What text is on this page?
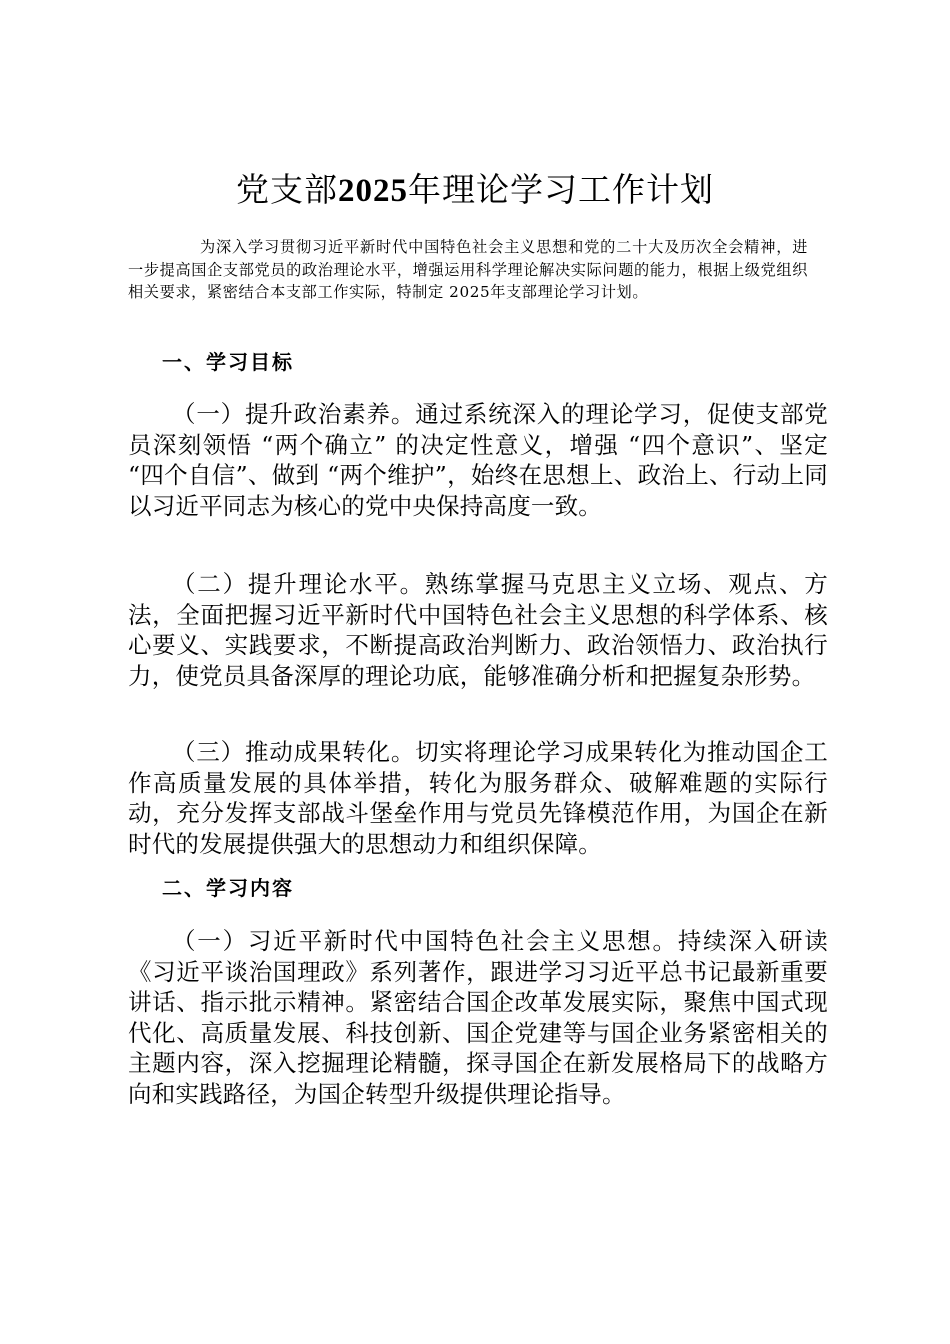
党支部2025年理论学习工作计划

为深入学习贯彻习近平新时代中国特色社会主义思想和党的二十大及历次全会精神，进一步提高国企支部党员的政治理论水平，增强运用科学理论解决实际问题的能力，根据上级党组织相关要求，紧密结合本支部工作实际，特制定 2025年支部理论学习计划。

一、学习目标

（一）提升政治素养。通过系统深入的理论学习，促使支部党员深刻领悟 “两个确立” 的决定性意义，增强 “四个意识”、坚定 “四个自信”、做到 “两个维护”，始终在思想上、政治上、行动上同以习近平同志为核心的党中央保持高度一致。

（二）提升理论水平。熟练掌握马克思主义立场、观点、方法，全面把握习近平新时代中国特色社会主义思想的科学体系、核心要义、实践要求，不断提高政治判断力、政治领悟力、政治执行力，使党员具备深厚的理论功底，能够准确分析和把握复杂形势。

（三）推动成果转化。切实将理论学习成果转化为推动国企工作高质量发展的具体举措，转化为服务群众、破解难题的实际行动，充分发挥支部战斗堡垒作用与党员先锋模范作用，为国企在新时代的发展提供强大的思想动力和组织保障。

二、学习内容

（一）习近平新时代中国特色社会主义思想。持续深入研读《习近平谈治国理政》系列著作，跟进学习习近平总书记最新重要讲话、指示批示精神。紧密结合国企改革发展实际，聚焦中国式现代化、高质量发展、科技创新、国企党建等与国企业务紧密相关的主题内容，深入挖掘理论精髓，探寻国企在新发展格局下的战略方向和实践路径，为国企转型升级提供理论指导。
